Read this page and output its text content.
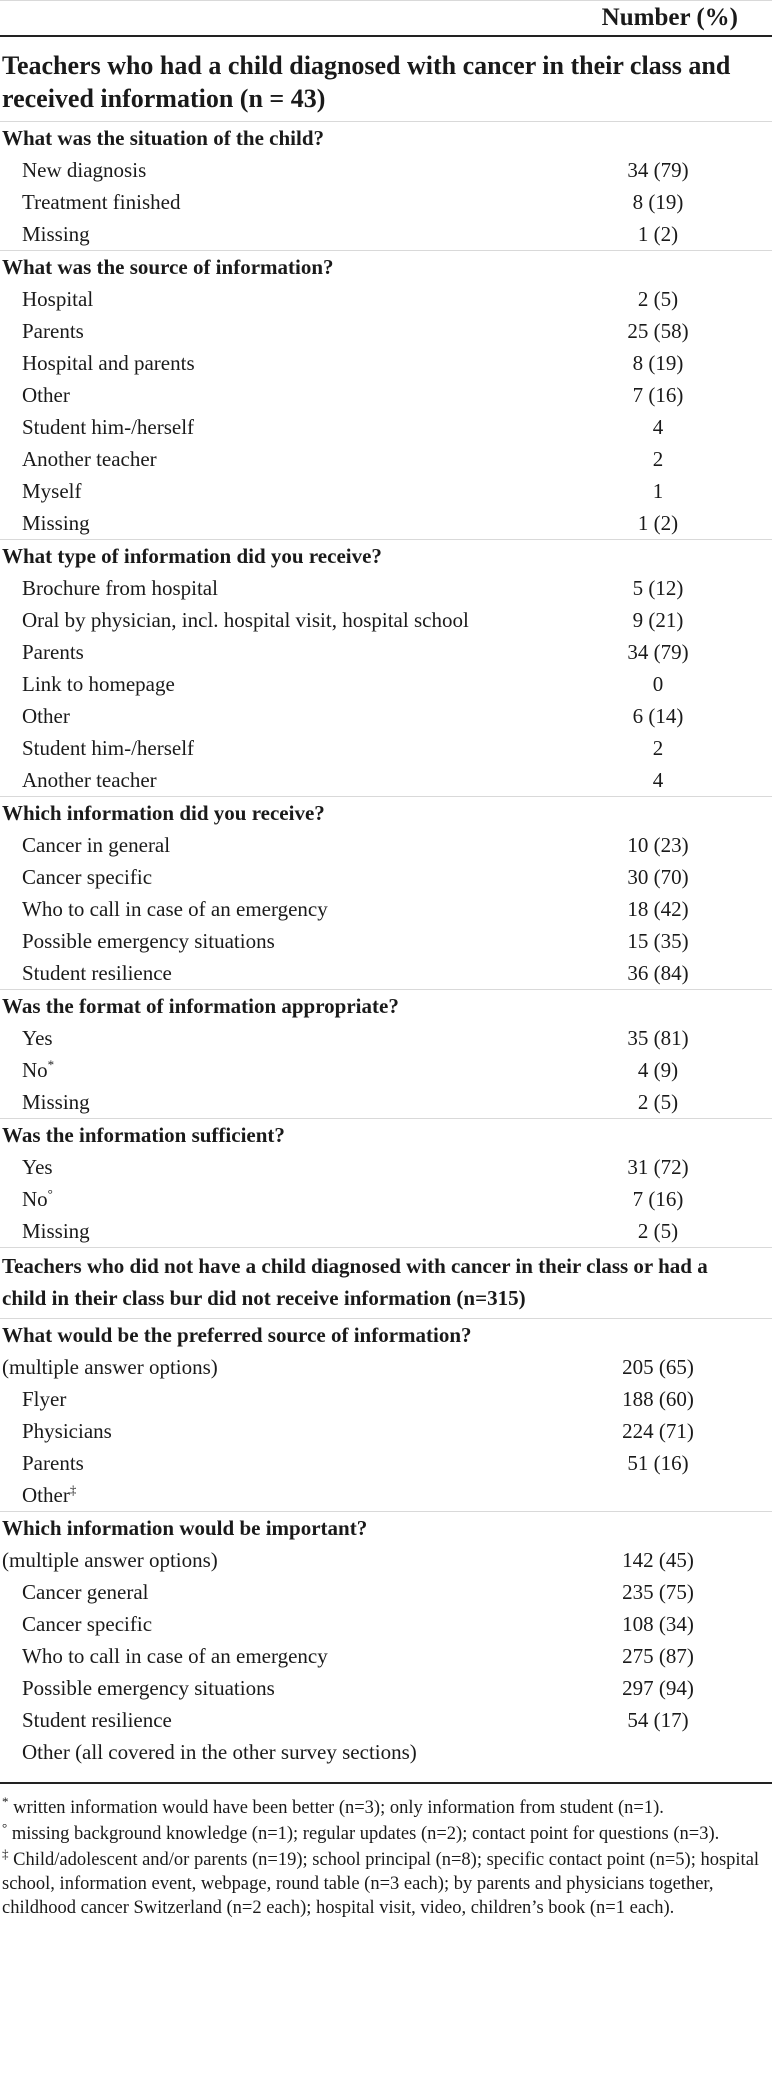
Number (%)
Teachers who had a child diagnosed with cancer in their class and received information (n = 43)
What was the situation of the child?
New diagnosis	34 (79)
Treatment finished	8 (19)
Missing	1 (2)
What was the source of information?
Hospital	2 (5)
Parents	25 (58)
Hospital and parents	8 (19)
Other	7 (16)
Student him-/herself	4
Another teacher	2
Myself	1
Missing	1 (2)
What type of information did you receive?
Brochure from hospital	5 (12)
Oral by physician, incl. hospital visit, hospital school	9 (21)
Parents	34 (79)
Link to homepage	0
Other	6 (14)
Student him-/herself	2
Another teacher	4
Which information did you receive?
Cancer in general	10 (23)
Cancer specific	30 (70)
Who to call in case of an emergency	18 (42)
Possible emergency situations	15 (35)
Student resilience	36 (84)
Was the format of information appropriate?
Yes	35 (81)
No*	4 (9)
Missing	2 (5)
Was the information sufficient?
Yes	31 (72)
No°	7 (16)
Missing	2 (5)
Teachers who did not have a child diagnosed with cancer in their class or had a child in their class bur did not receive information (n=315)
What would be the preferred source of information?
(multiple answer options)	205 (65)
Flyer	188 (60)
Physicians	224 (71)
Parents	51 (16)
Other‡
Which information would be important?
(multiple answer options)	142 (45)
Cancer general	235 (75)
Cancer specific	108 (34)
Who to call in case of an emergency	275 (87)
Possible emergency situations	297 (94)
Student resilience	54 (17)
Other (all covered in the other survey sections)

* written information would have been better (n=3); only information from student (n=1).

° missing background knowledge (n=1); regular updates (n=2); contact point for questions (n=3).

‡ Child/adolescent and/or parents (n=19); school principal (n=8); specific contact point (n=5); hospital school, information event, webpage, round table (n=3 each); by parents and physicians together, childhood cancer Switzerland (n=2 each); hospital visit, video, children’s book (n=1 each).
